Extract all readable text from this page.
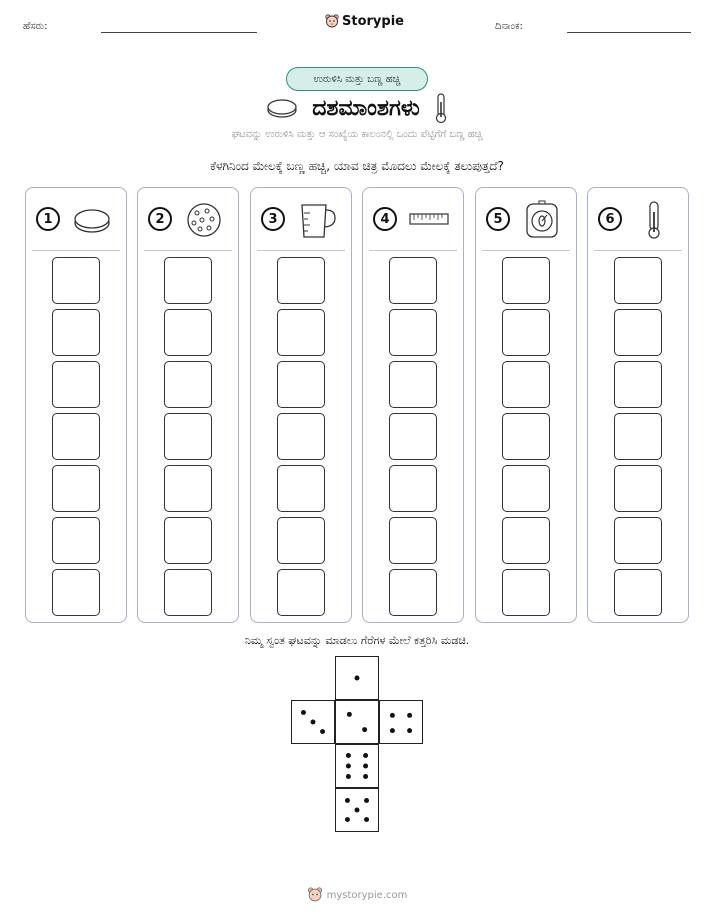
ಹೆಸರು:	Storypie	ದಿನಾಂಕ:
ಉರುಳಿಸಿ ಮತ್ತು ಬಣ್ಣ ಹಚ್ಚಿ
ದಶಮಾಂಶಗಳು
ಘಟವನ್ನು ಉರುಳಿಸಿ ಮತ್ತು ಆ ಸಂಖ್ಯೆಯ ಕಾಲಂನಲ್ಲಿ ಒಂದು ಪೆಟ್ಟಿಗೆಗೆ ಬಣ್ಣ ಹಚ್ಚಿ
ಕೆಳಗಿನಿಂದ ಮೇಲಕ್ಕೆ ಬಣ್ಣ ಹಚ್ಚಿ, ಯಾವ ಚಿತ್ರ ಮೊದಲು ಮೇಲಕ್ಕೆ ತಲುಪುತ್ತದೆ?
1	2	3	4	5	6
ನಿಮ್ಮ ಸ್ವಂತ ಘಟವನ್ನು ಮಾಡಲು ಗೆರೆಗಳ ಮೇಲೆ ಕತ್ತರಿಸಿ ಮಡಚಿ.
mystorypie.com
